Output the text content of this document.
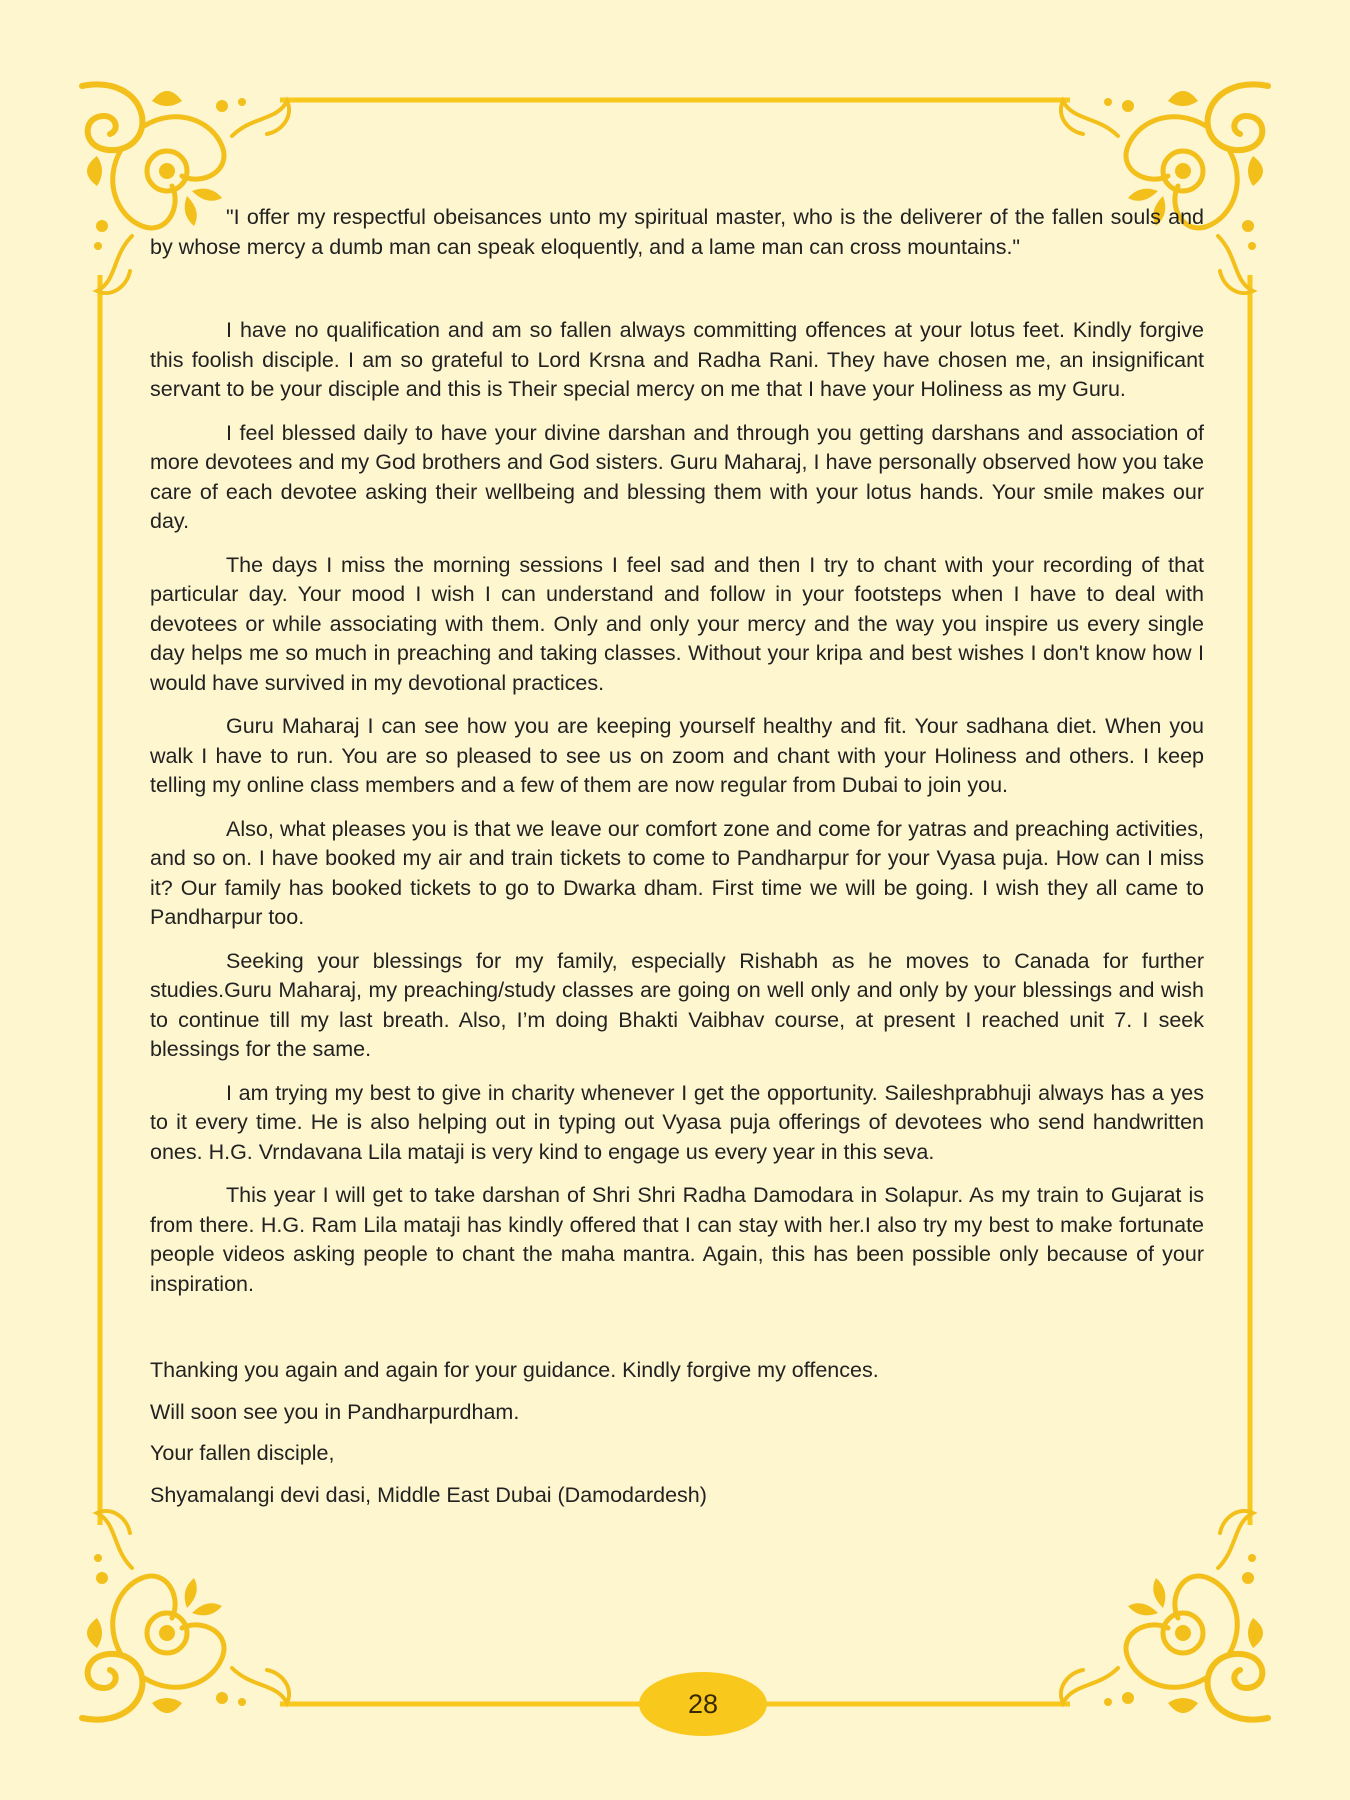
"I offer my respectful obeisances unto my spiritual master, who is the deliverer of the fallen souls and by whose mercy a dumb man can speak eloquently, and a lame man can cross mountains."

I have no qualification and am so fallen always committing offences at your lotus feet. Kindly forgive this foolish disciple. I am so grateful to Lord Krsna and Radha Rani. They have chosen me, an insignificant servant to be your disciple and this is Their special mercy on me that I have your Holiness as my Guru.

I feel blessed daily to have your divine darshan and through you getting darshans and association of more devotees and my God brothers and God sisters. Guru Maharaj, I have personally observed how you take care of each devotee asking their wellbeing and blessing them with your lotus hands. Your smile makes our day.

The days I miss the morning sessions I feel sad and then I try to chant with your recording of that particular day. Your mood I wish I can understand and follow in your footsteps when I have to deal with devotees or while associating with them. Only and only your mercy and the way you inspire us every single day helps me so much in preaching and taking classes. Without your kripa and best wishes I don't know how I would have survived in my devotional practices.

Guru Maharaj I can see how you are keeping yourself healthy and fit. Your sadhana diet. When you walk I have to run. You are so pleased to see us on zoom and chant with your Holiness and others. I keep telling my online class members and a few of them are now regular from Dubai to join you.

Also, what pleases you is that we leave our comfort zone and come for yatras and preaching activities, and so on. I have booked my air and train tickets to come to Pandharpur for your Vyasa puja. How can I miss it? Our family has booked tickets to go to Dwarka dham. First time we will be going. I wish they all came to Pandharpur too.

Seeking your blessings for my family, especially Rishabh as he moves to Canada for further studies.Guru Maharaj, my preaching/study classes are going on well only and only by your blessings and wish to continue till my last breath. Also, I’m doing Bhakti Vaibhav course, at present I reached unit 7. I seek blessings for the same.

I am trying my best to give in charity whenever I get the opportunity. Saileshprabhuji always has a yes to it every time. He is also helping out in typing out Vyasa puja offerings of devotees who send handwritten ones. H.G. Vrndavana Lila mataji is very kind to engage us every year in this seva.

This year I will get to take darshan of Shri Shri Radha Damodara in Solapur. As my train to Gujarat is from there. H.G. Ram Lila mataji has kindly offered that I can stay with her.I also try my best to make fortunate people videos asking people to chant the maha mantra. Again, this has been possible only because of your inspiration.

Thanking you again and again for your guidance. Kindly forgive my offences.

Will soon see you in Pandharpurdham.

Your fallen disciple,

Shyamalangi devi dasi, Middle East Dubai (Damodardesh)

28
